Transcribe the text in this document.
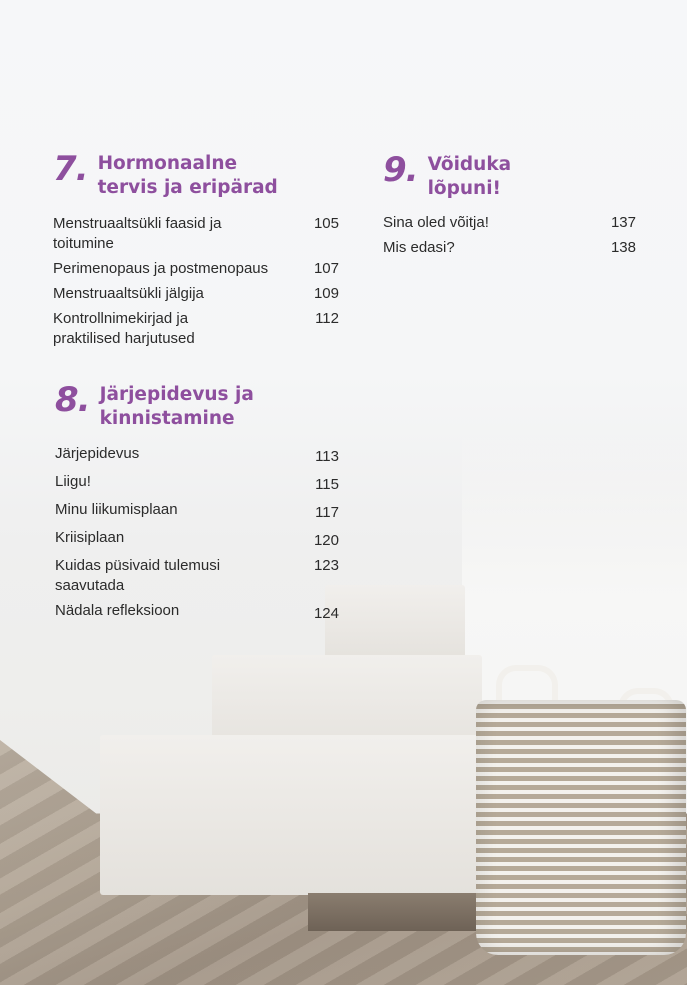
7. Hormonaalne
tervis ja eripärad
Menstruaaltsükli faasid ja toitumine
105
Perimenopaus ja postmenopaus	107
Menstruaaltsükli jälgija	109
Kontrollnimekirjad ja praktilised harjutused
112
8. Järjepidevus ja
kinnistamine
Järjepidevus	113
Liigu!	115
Minu liikumisplaan	117
Kriisiplaan	120
Kuidas püsivaid tulemusi saavutada
123
Nädala refleksioon	124
9. Võiduka
lõpuni!
Sina oled võitja!	137
Mis edasi?	138
